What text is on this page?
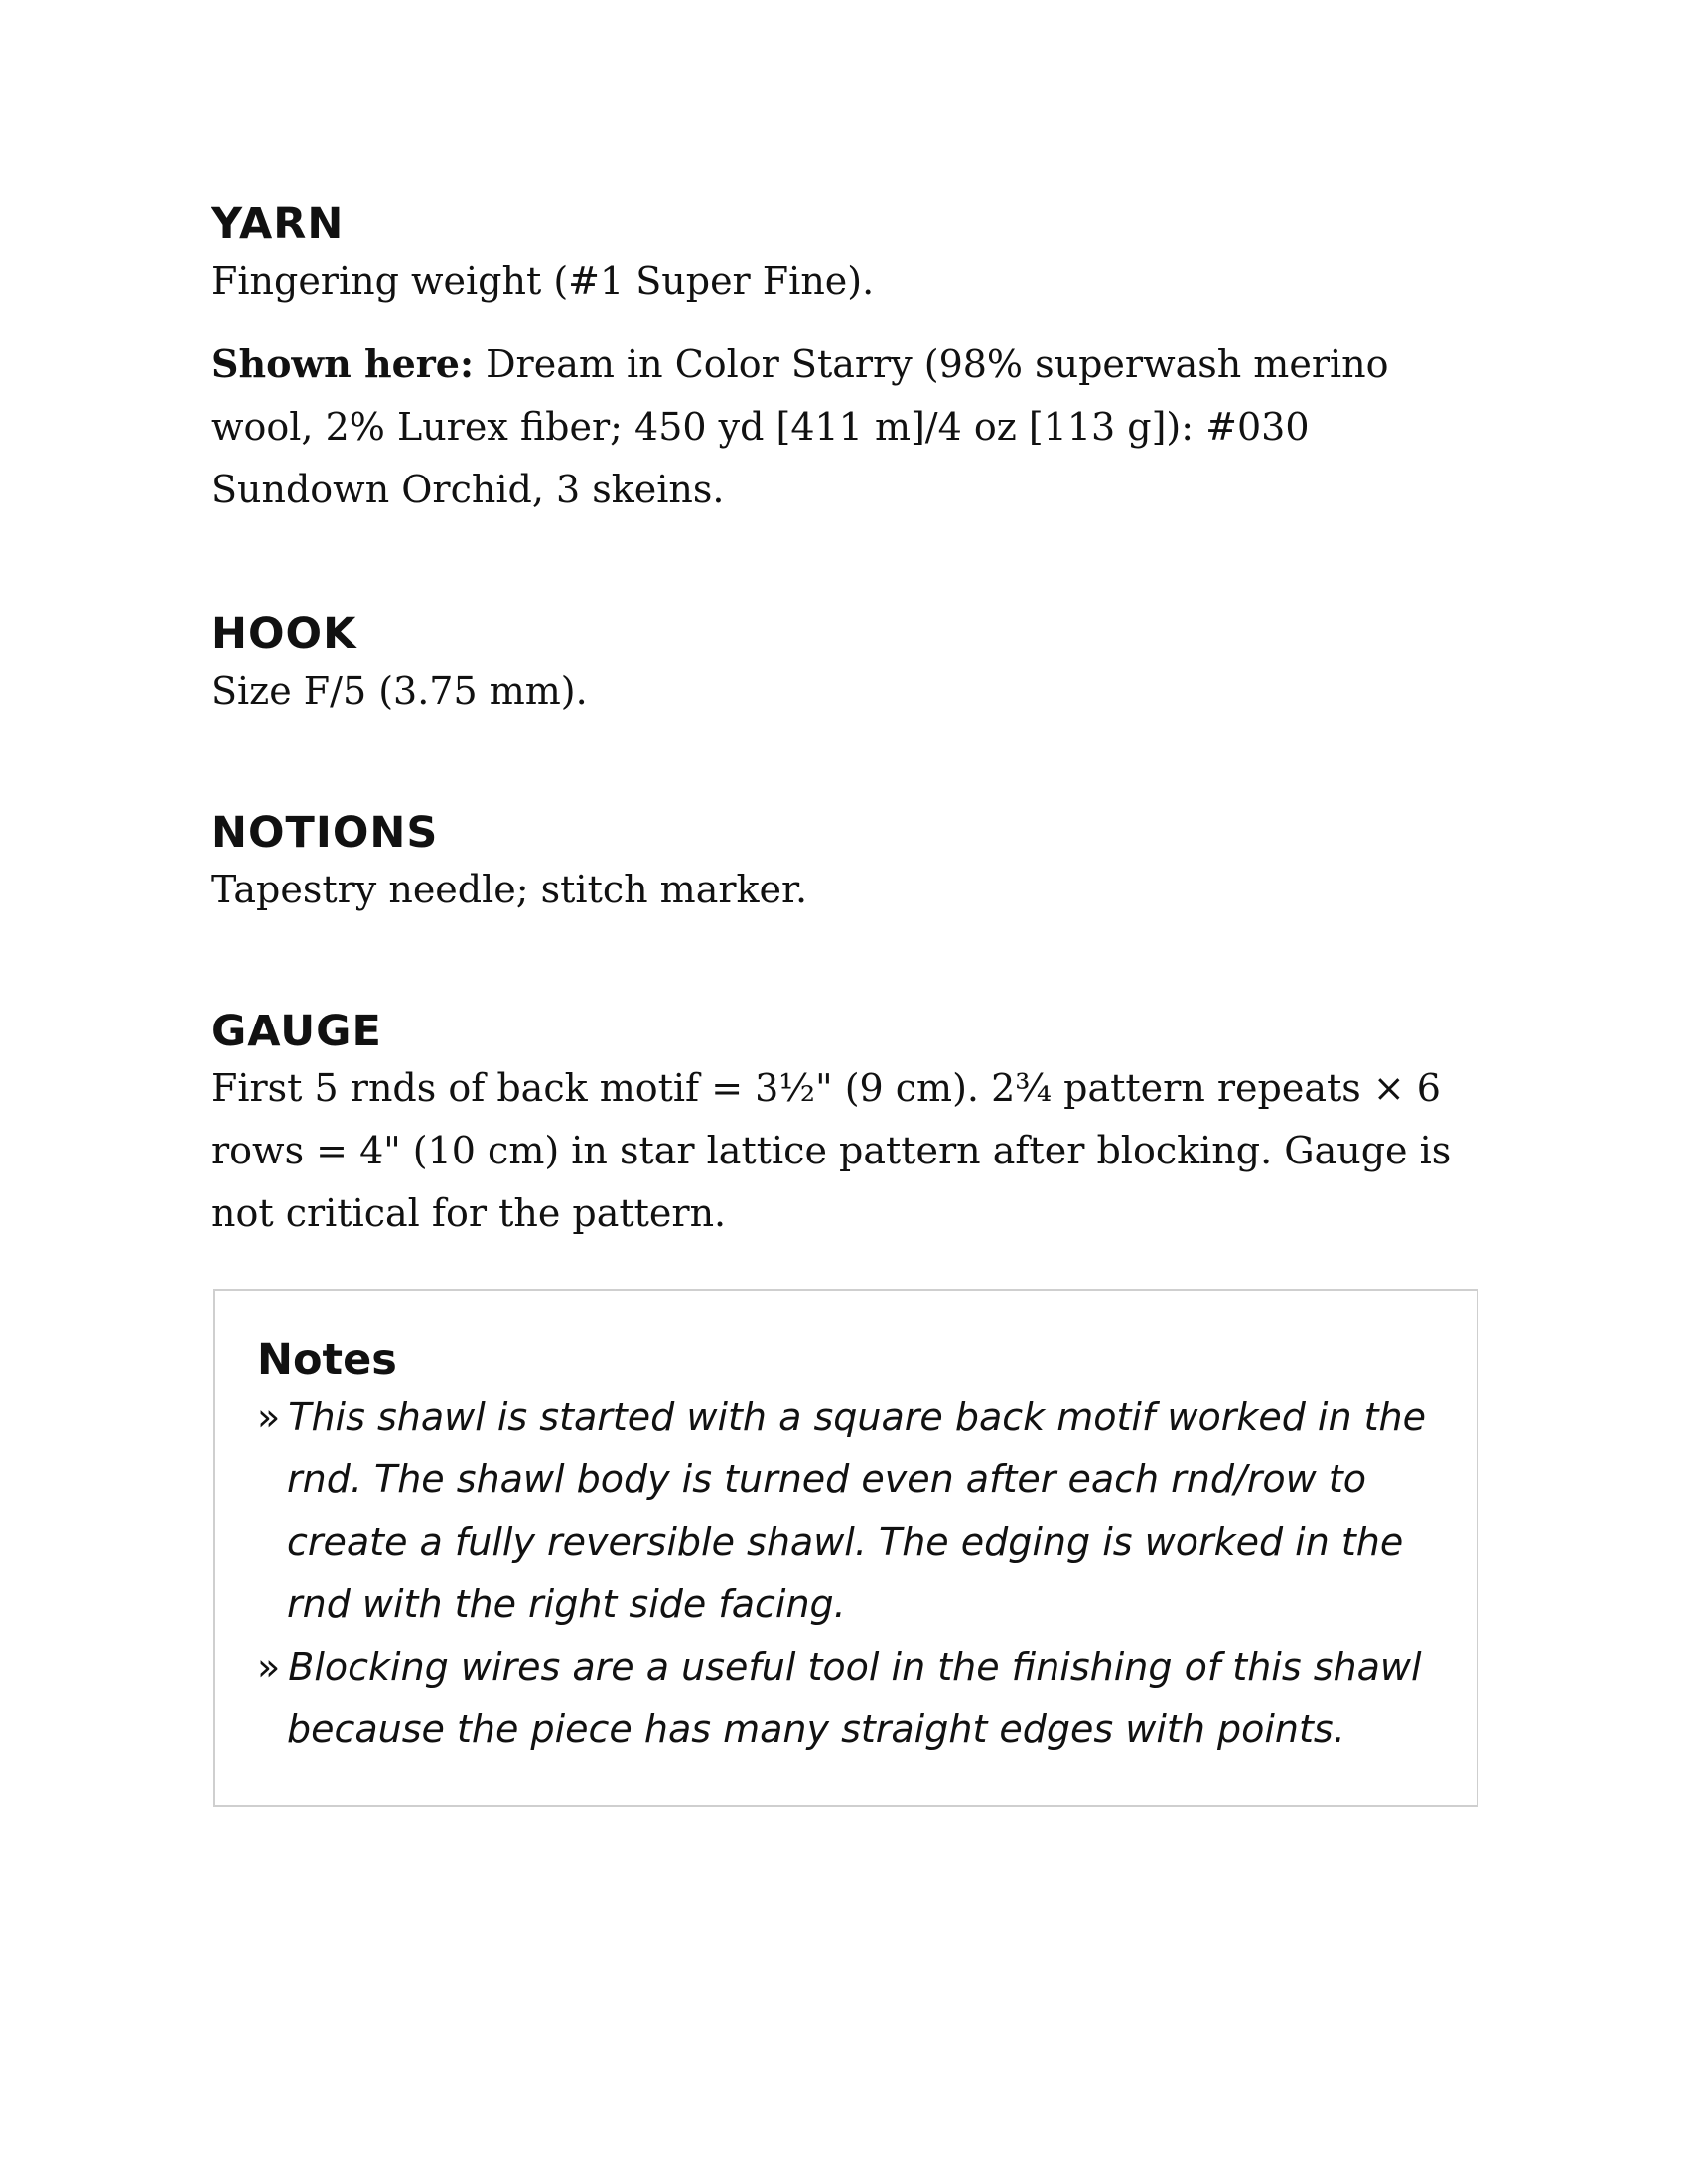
YARN

Fingering weight (#1 Super Fine).

Shown here: Dream in Color Starry (98% superwash merino wool, 2% Lurex fiber; 450 yd [411 m]/4 oz [113 g]): #030 Sundown Orchid, 3 skeins.

HOOK

Size F/5 (3.75 mm).

NOTIONS

Tapestry needle; stitch marker.

GAUGE

First 5 rnds of back motif = 3½" (9 cm). 2¾ pattern repeats × 6 rows = 4" (10 cm) in star lattice pattern after blocking. Gauge is not critical for the pattern.

Notes
» This shawl is started with a square back motif worked in the rnd. The shawl body is turned even after each rnd/row to create a fully reversible shawl. The edging is worked in the rnd with the right side facing.
» Blocking wires are a useful tool in the finishing of this shawl because the piece has many straight edges with points.
